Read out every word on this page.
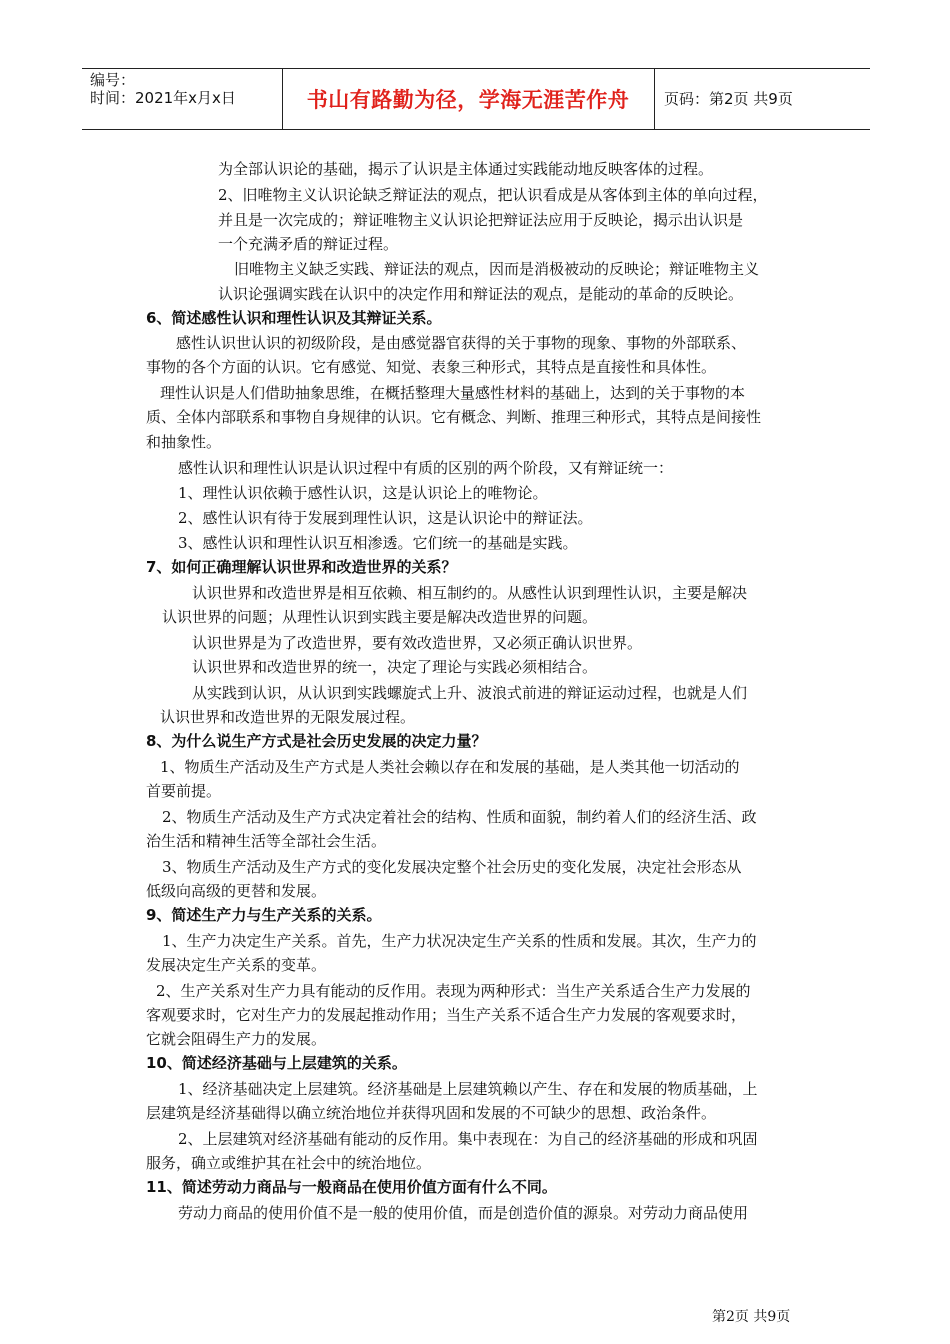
编号：
时间：2021年x月x日	书山有路勤为径，学海无涯苦作舟	页码：第2页 共9页
为全部认识论的基础，揭示了认识是主体通过实践能动地反映客体的过程。
2、旧唯物主义认识论缺乏辩证法的观点，把认识看成是从客体到主体的单向过程，
并且是一次完成的；辩证唯物主义认识论把辩证法应用于反映论，揭示出认识是
一个充满矛盾的辩证过程。
旧唯物主义缺乏实践、辩证法的观点，因而是消极被动的反映论；辩证唯物主义
认识论强调实践在认识中的决定作用和辩证法的观点，是能动的革命的反映论。
6、简述感性认识和理性认识及其辩证关系。
感性认识世认识的初级阶段，是由感觉器官获得的关于事物的现象、事物的外部联系、
事物的各个方面的认识。它有感觉、知觉、表象三种形式，其特点是直接性和具体性。
理性认识是人们借助抽象思维，在概括整理大量感性材料的基础上，达到的关于事物的本
质、全体内部联系和事物自身规律的认识。它有概念、判断、推理三种形式，其特点是间接性
和抽象性。
感性认识和理性认识是认识过程中有质的区别的两个阶段，又有辩证统一：
1、理性认识依赖于感性认识，这是认识论上的唯物论。
2、感性认识有待于发展到理性认识，这是认识论中的辩证法。
3、感性认识和理性认识互相渗透。它们统一的基础是实践。
7、如何正确理解认识世界和改造世界的关系？
认识世界和改造世界是相互依赖、相互制约的。从感性认识到理性认识，主要是解决
认识世界的问题；从理性认识到实践主要是解决改造世界的问题。
认识世界是为了改造世界，要有效改造世界，又必须正确认识世界。
认识世界和改造世界的统一，决定了理论与实践必须相结合。
从实践到认识，从认识到实践螺旋式上升、波浪式前进的辩证运动过程，也就是人们
认识世界和改造世界的无限发展过程。
8、为什么说生产方式是社会历史发展的决定力量？
1、物质生产活动及生产方式是人类社会赖以存在和发展的基础，是人类其他一切活动的
首要前提。
2、物质生产活动及生产方式决定着社会的结构、性质和面貌，制约着人们的经济生活、政
治生活和精神生活等全部社会生活。
3、物质生产活动及生产方式的变化发展决定整个社会历史的变化发展，决定社会形态从
低级向高级的更替和发展。
9、简述生产力与生产关系的关系。
1、生产力决定生产关系。首先，生产力状况决定生产关系的性质和发展。其次，生产力的
发展决定生产关系的变革。
2、生产关系对生产力具有能动的反作用。表现为两种形式：当生产关系适合生产力发展的
客观要求时，它对生产力的发展起推动作用；当生产关系不适合生产力发展的客观要求时，
它就会阻碍生产力的发展。
10、简述经济基础与上层建筑的关系。
1、经济基础决定上层建筑。经济基础是上层建筑赖以产生、存在和发展的物质基础，上
层建筑是经济基础得以确立统治地位并获得巩固和发展的不可缺少的思想、政治条件。
2、上层建筑对经济基础有能动的反作用。集中表现在：为自己的经济基础的形成和巩固
服务，确立或维护其在社会中的统治地位。
11、简述劳动力商品与一般商品在使用价值方面有什么不同。
劳动力商品的使用价值不是一般的使用价值，而是创造价值的源泉。对劳动力商品使用
第2页 共9页
